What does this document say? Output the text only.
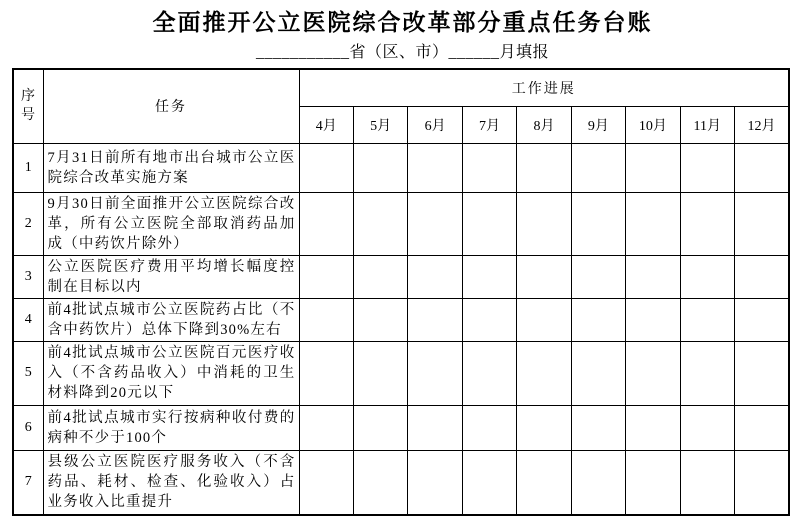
全面推开公立医院综合改革部分重点任务台账
___________省（区、市）______月填报
序号	任务	工作进展								
		4月	5月	6月	7月	8月	9月	10月	11月	12月
1	7月31日前所有地市出台城市公立医院综合改革实施方案									
2	9月30日前全面推开公立医院综合改革，所有公立医院全部取消药品加成（中药饮片除外）									
3	公立医院医疗费用平均增长幅度控制在目标以内									
4	前4批试点城市公立医院药占比（不含中药饮片）总体下降到30%左右									
5	前4批试点城市公立医院百元医疗收入（不含药品收入）中消耗的卫生材料降到20元以下									
6	前4批试点城市实行按病种收付费的病种不少于100个									
7	县级公立医院医疗服务收入（不含药品、耗材、检查、化验收入）占业务收入比重提升									
